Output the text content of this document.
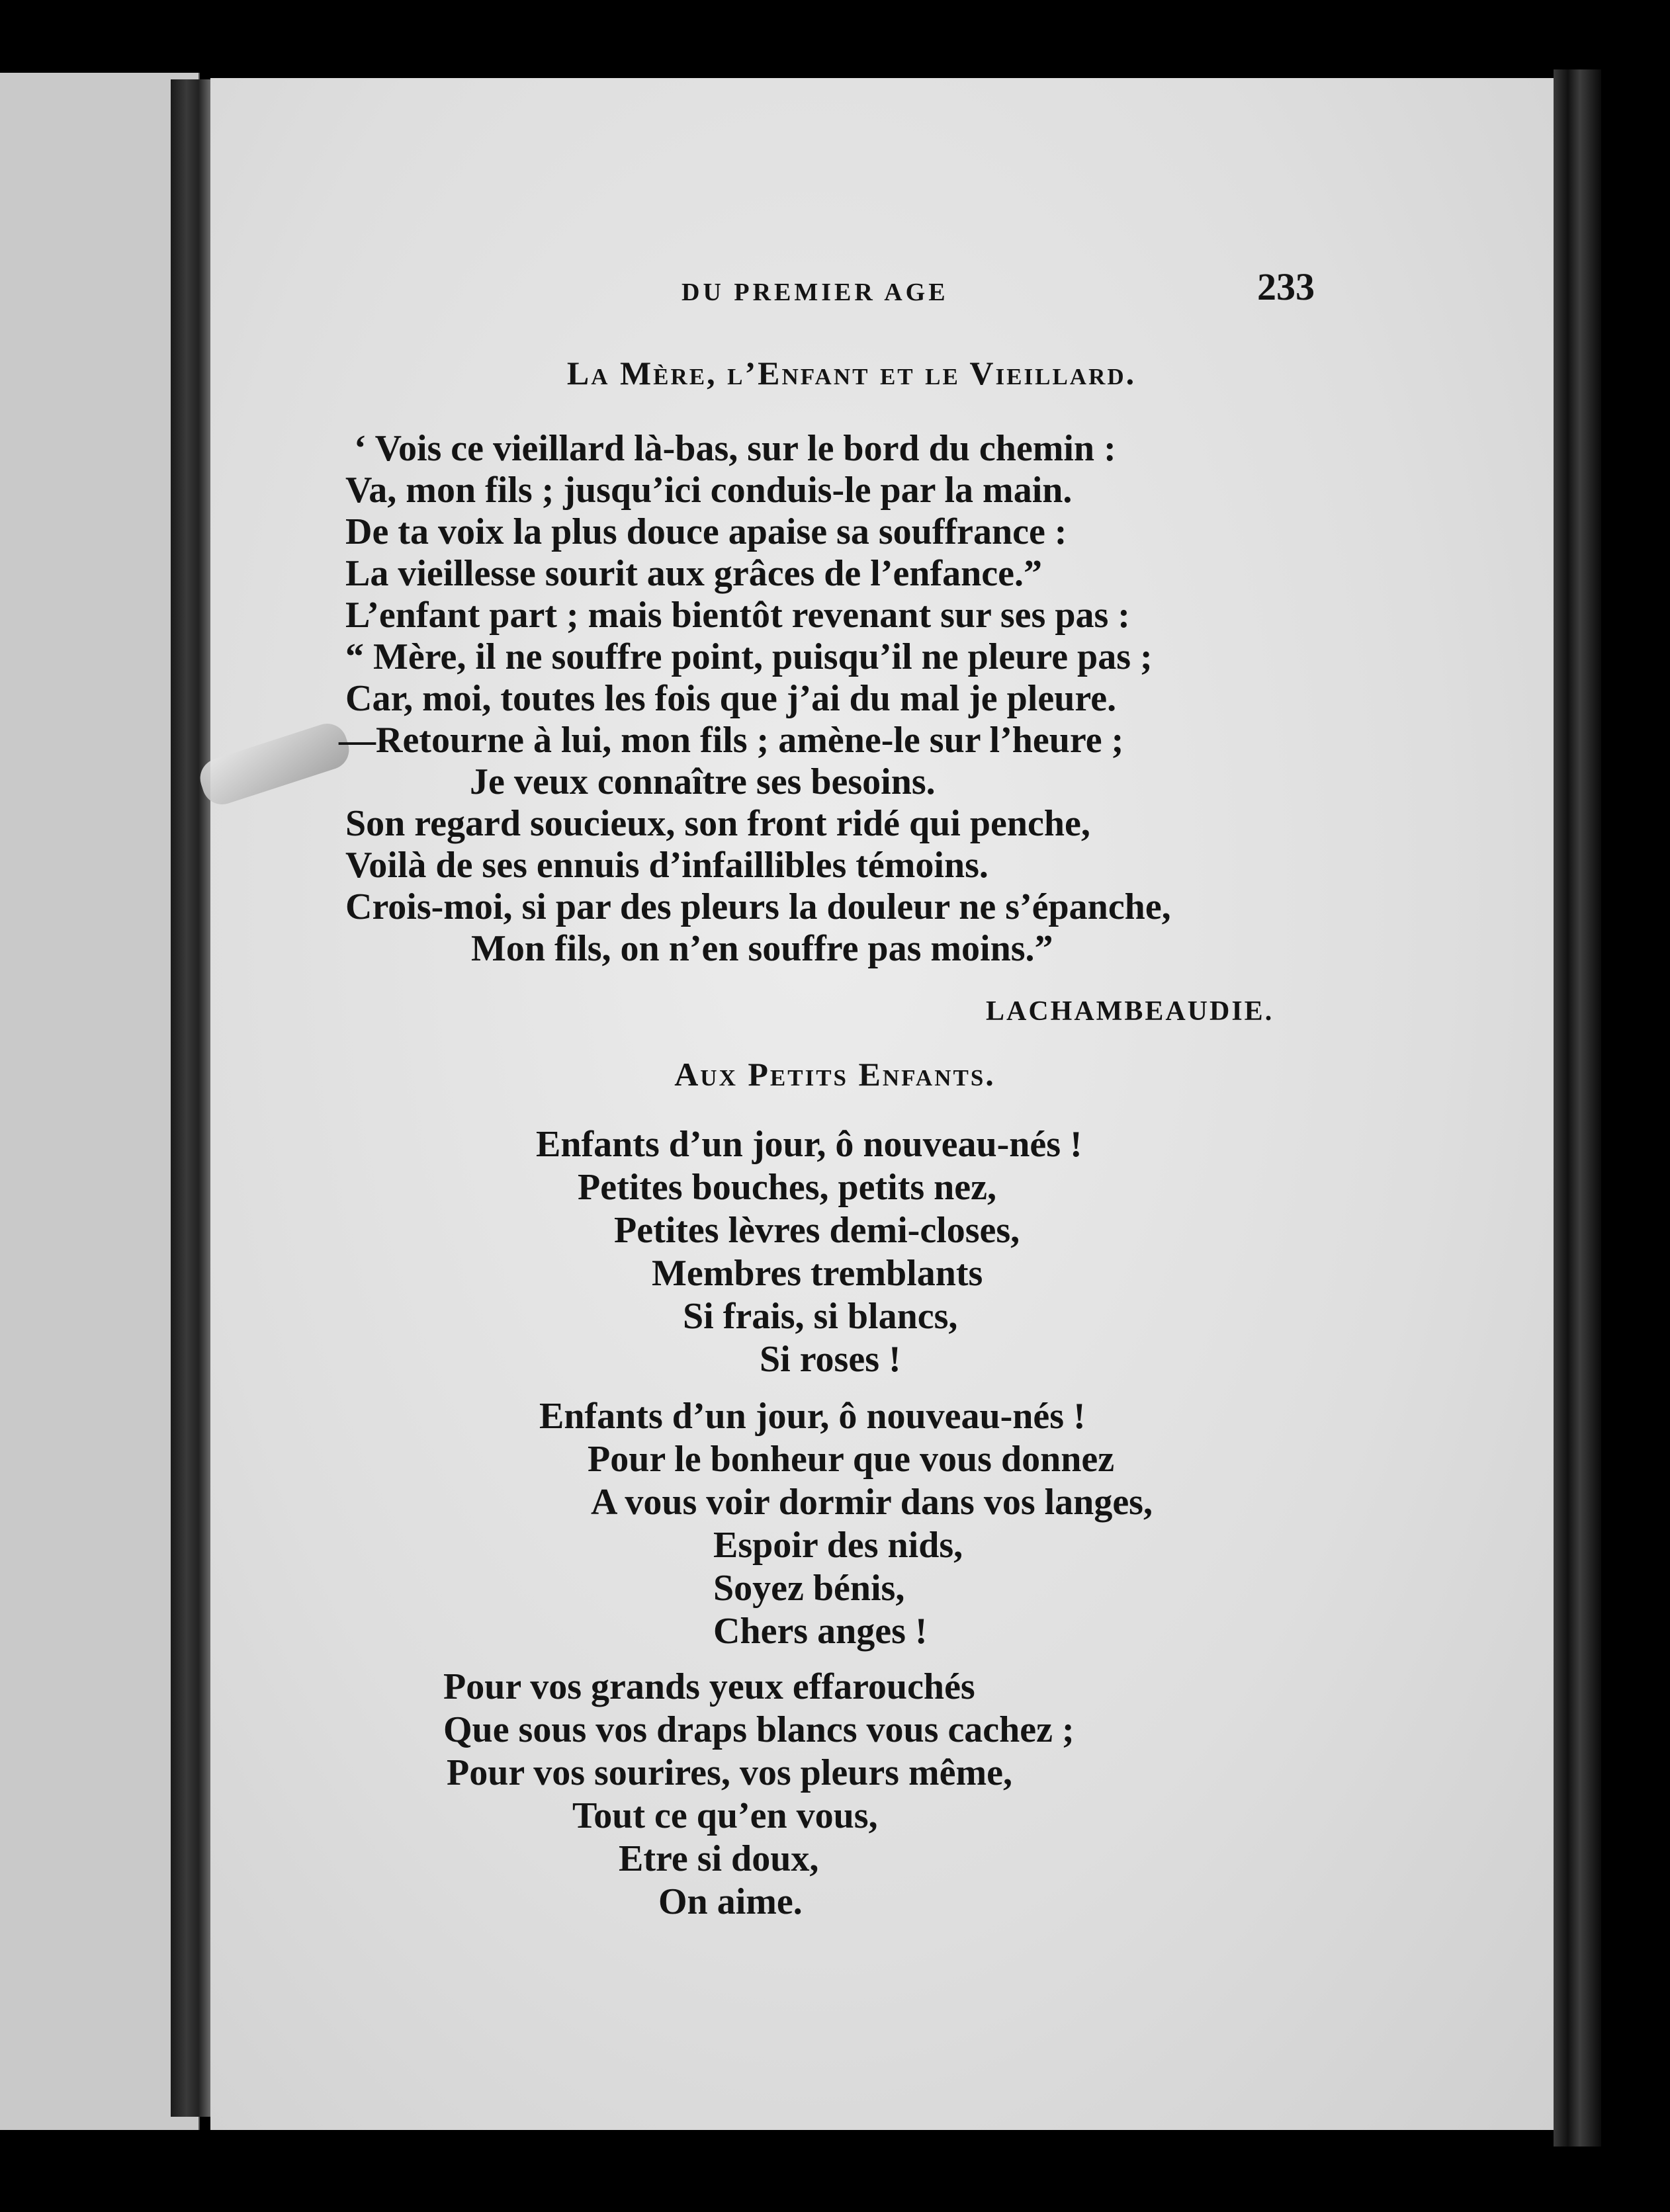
DU PREMIER AGE	233
La Mère, l’Enfant et le Vieillard.
‘ Vois ce vieillard là-bas, sur le bord du chemin :
Va, mon fils ; jusqu’ici conduis-le par la main.
De ta voix la plus douce apaise sa souffrance :
La vieillesse sourit aux grâces de l’enfance.”
L’enfant part ; mais bientôt revenant sur ses pas :
“ Mère, il ne souffre point, puisqu’il ne pleure pas ;
Car, moi, toutes les fois que j’ai du mal je pleure.
—Retourne à lui, mon fils ; amène-le sur l’heure ;
Je veux connaître ses besoins.
Son regard soucieux, son front ridé qui penche,
Voilà de ses ennuis d’infaillibles témoins.
Crois-moi, si par des pleurs la douleur ne s’épanche,
Mon fils, on n’en souffre pas moins.”
LACHAMBEAUDIE.
Aux Petits Enfants.
Enfants d’un jour, ô nouveau-nés !
Petites bouches, petits nez,
Petites lèvres demi-closes,
Membres tremblants
Si frais, si blancs,
Si roses !
Enfants d’un jour, ô nouveau-nés !
Pour le bonheur que vous donnez
A vous voir dormir dans vos langes,
Espoir des nids,
Soyez bénis,
Chers anges !
Pour vos grands yeux effarouchés
Que sous vos draps blancs vous cachez ;
Pour vos sourires, vos pleurs même,
Tout ce qu’en vous,
Etre si doux,
On aime.
